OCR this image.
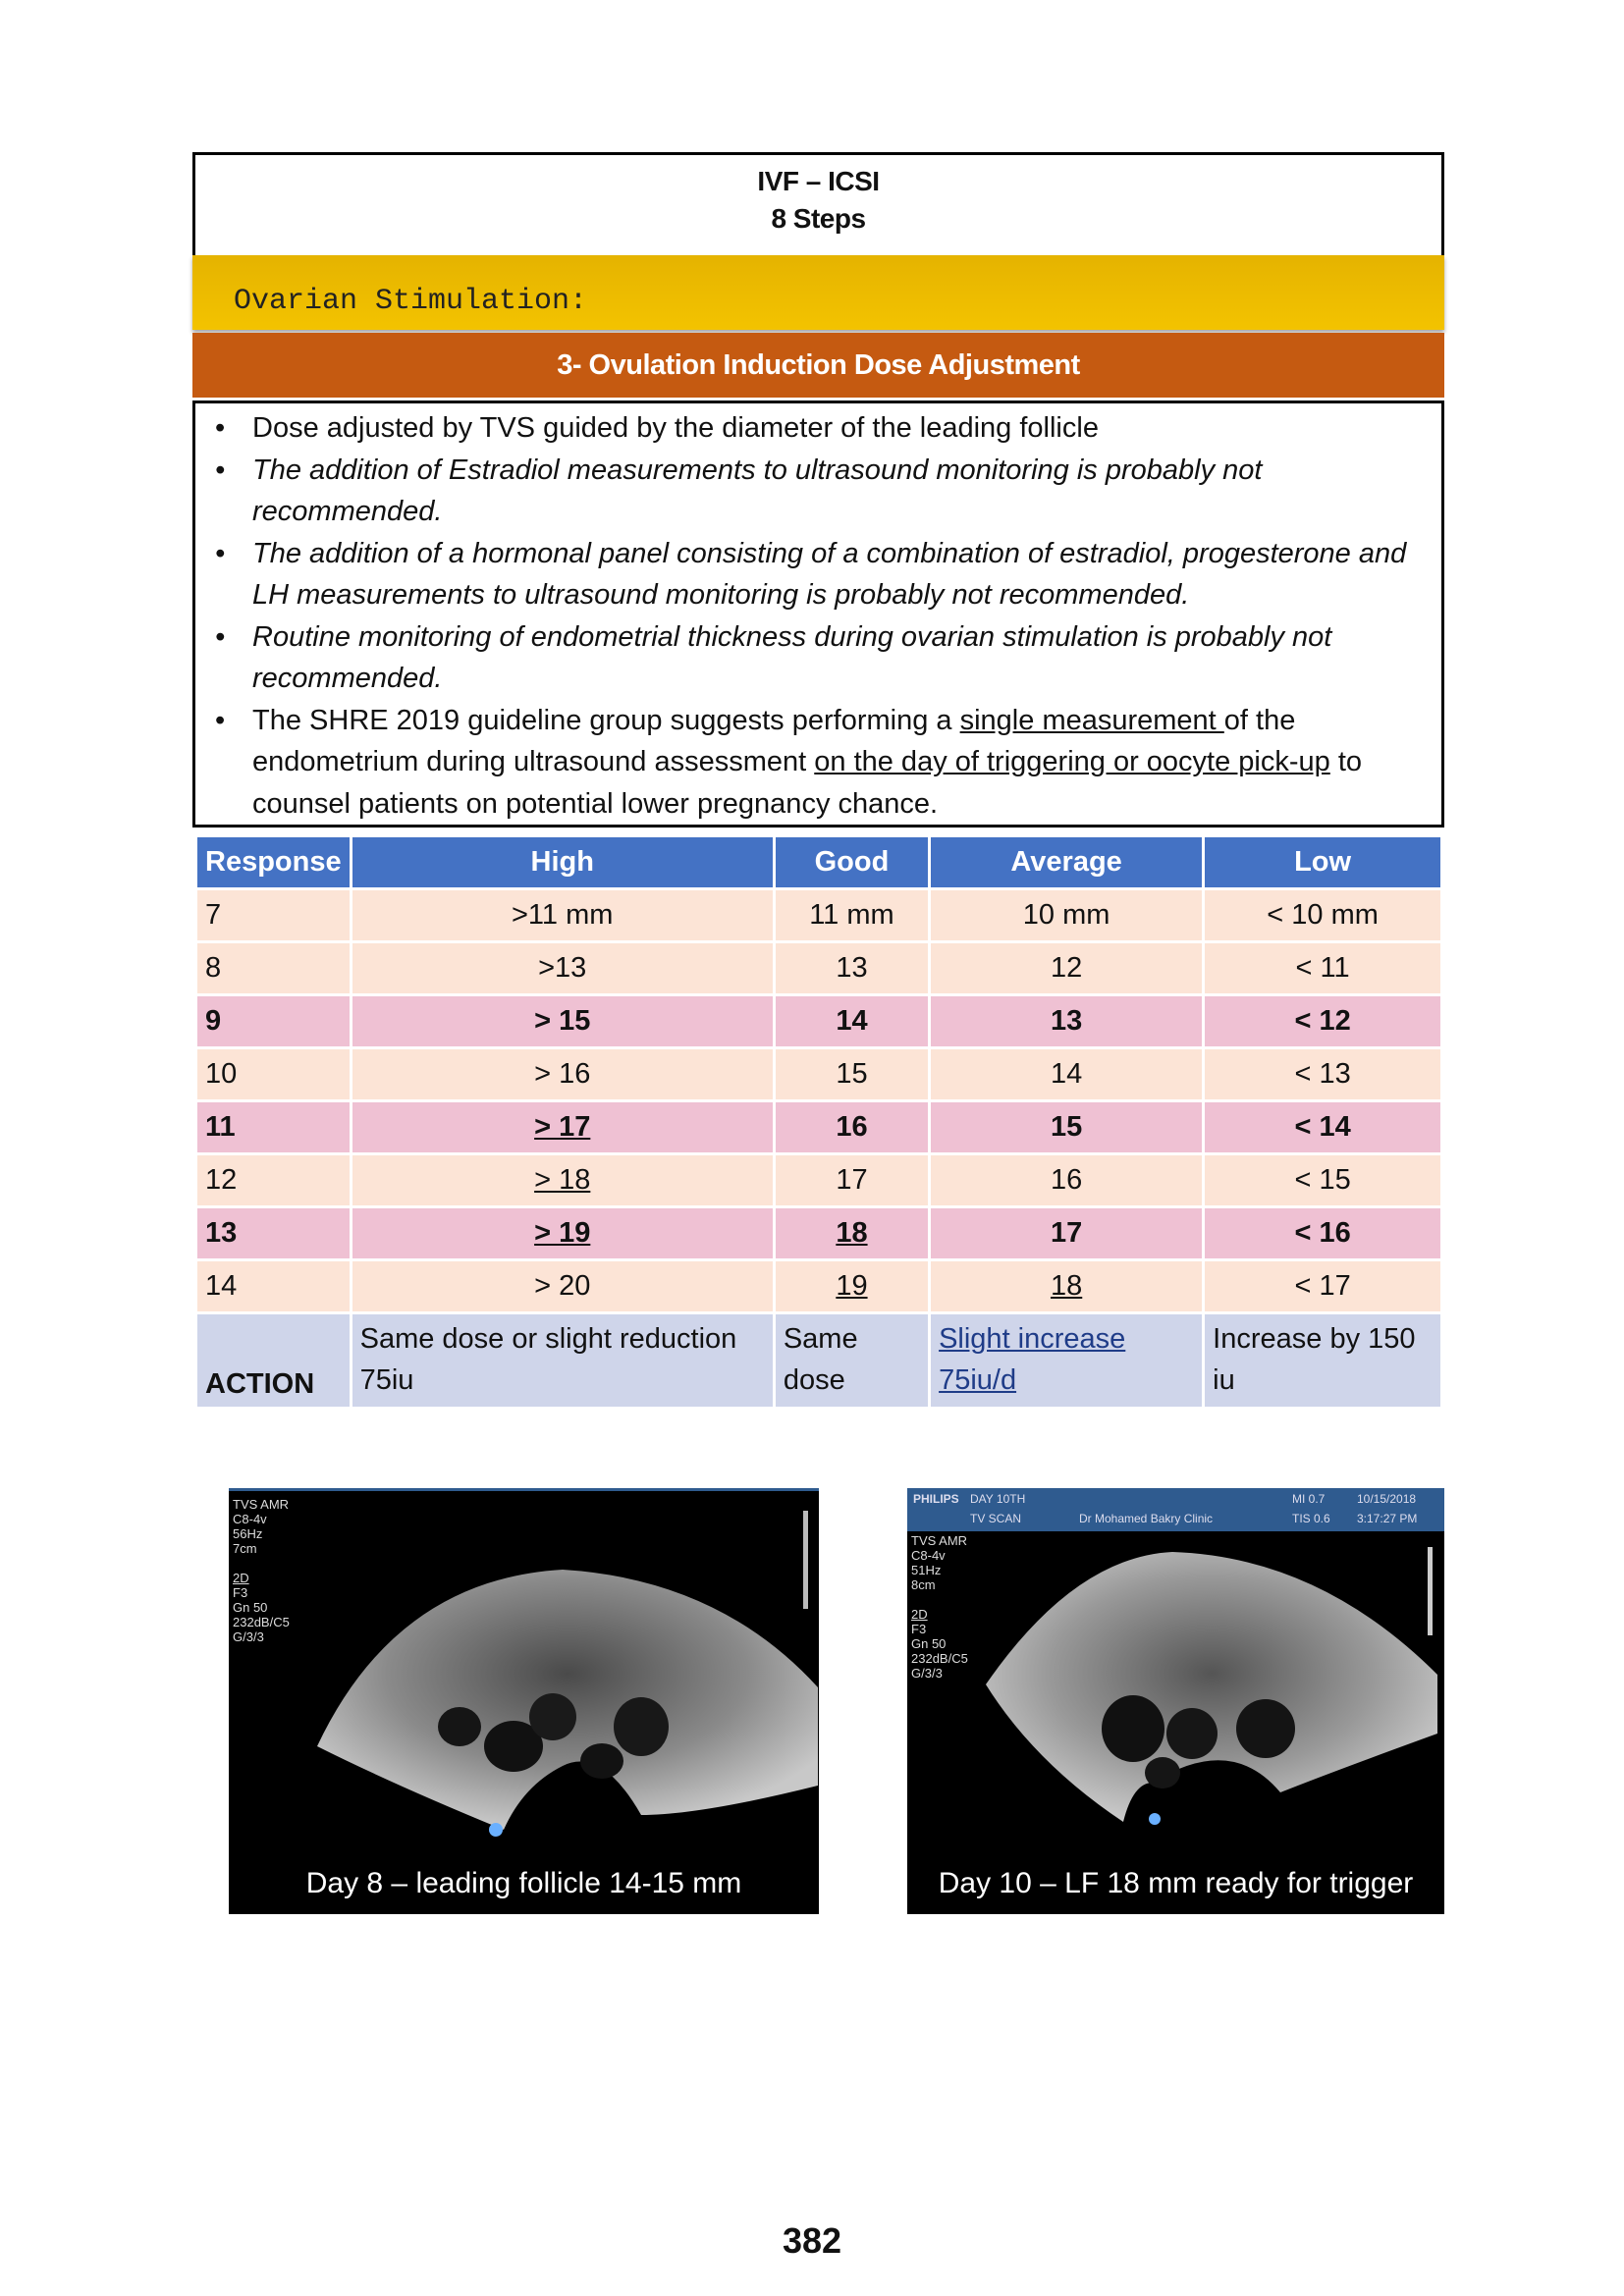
IVF – ICSI
8 Steps
Ovarian Stimulation:
3- Ovulation Induction Dose Adjustment
• Dose adjusted by TVS guided by the diameter of the leading follicle
• The addition of Estradiol measurements to ultrasound monitoring is probably not recommended.
• The addition of a hormonal panel consisting of a combination of estradiol, progesterone and LH measurements to ultrasound monitoring is probably not recommended.
• Routine monitoring of endometrial thickness during ovarian stimulation is probably not recommended.
• The SHRE 2019 guideline group suggests performing a single measurement of the endometrium during ultrasound assessment on the day of triggering or oocyte pick-up to counsel patients on potential lower pregnancy chance.
Response	High	Good	Average	Low
7	>11 mm	11 mm	10 mm	< 10 mm
8	>13	13	12	< 11
9	> 15	14	13	< 12
10	> 16	15	14	< 13
11	> 17	16	15	< 14
12	> 18	17	16	< 15
13	> 19	18	17	< 16
14	> 20	19	18	< 17
ACTION	Same dose or slight reduction 75iu	Same dose	Slight increase 75iu/d	Increase by 150 iu
TVS AMR
C8-4v
56Hz
7cm
2D
F3
Gn 50
232dB/C5
G/3/3
Day 8 – leading follicle 14-15 mm
PHILIPS DAY 10TH
TV SCAN	Dr Mohamed Bakry Clinic
MI 0.7
TIS 0.6
10/15/2018
3:17:27 PM
TVS AMR
C8-4v
51Hz
8cm
2D
F3
Gn 50
232dB/C5
G/3/3
Day 10 – LF 18 mm ready for trigger
382
